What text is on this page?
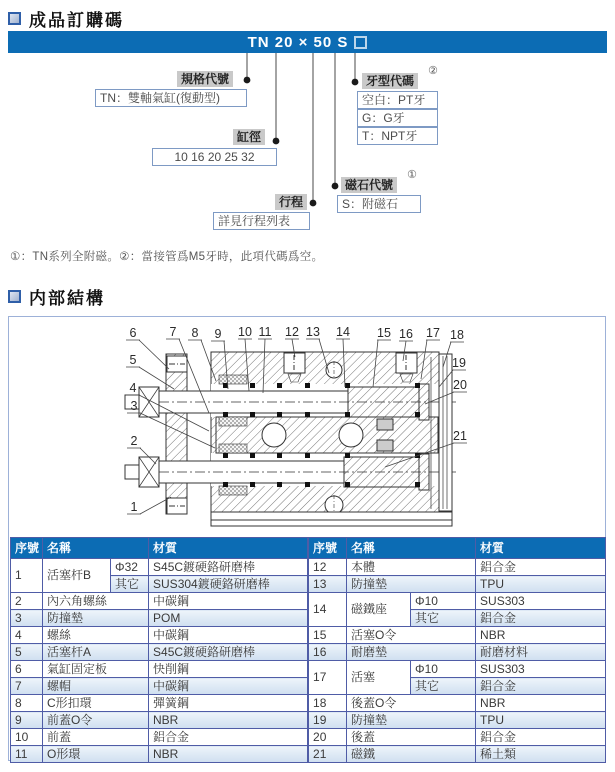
成品訂購碼
TN 20 × 50 S
規格代號
TN：雙軸氣缸(復動型)
缸徑
10 16 20 25 32
行程
詳見行程列表
磁石代號
①
S：附磁石
牙型代碼
②
空白：PT牙
G：G牙
T：NPT牙
①：TN系列全附磁。②：當接管爲M5牙時，此項代碼爲空。
内部結構
1
2
3
4
5
6	7 8 9 10 11 12 13 14 15 16 17 18
19
20
21
序號	名稱		材質
1	活塞杆B	Φ32	S45C鍍硬鉻研磨棒
		其它	SUS304鍍硬鉻研磨棒
2	內六角螺絲		中碳鋼
3	防撞墊		POM
4	螺絲		中碳鋼
5	活塞杆A		S45C鍍硬鉻研磨棒
6	氣缸固定板		快削鋼
7	螺帽		中碳鋼
8	C形扣環		彈簧鋼
9	前蓋O令		NBR
10	前蓋		鋁合金
11	O形環		NBR
序號	名稱		材質
12	本體		鋁合金
13	防撞墊		TPU
14	磁鐵座	Φ10	SUS303
		其它	鋁合金
15	活塞O令		NBR
16	耐磨墊		耐磨材料
17	活塞	Φ10	SUS303
		其它	鋁合金
18	後蓋O令		NBR
19	防撞墊		TPU
20	後蓋		鋁合金
21	磁鐵		稀土類
